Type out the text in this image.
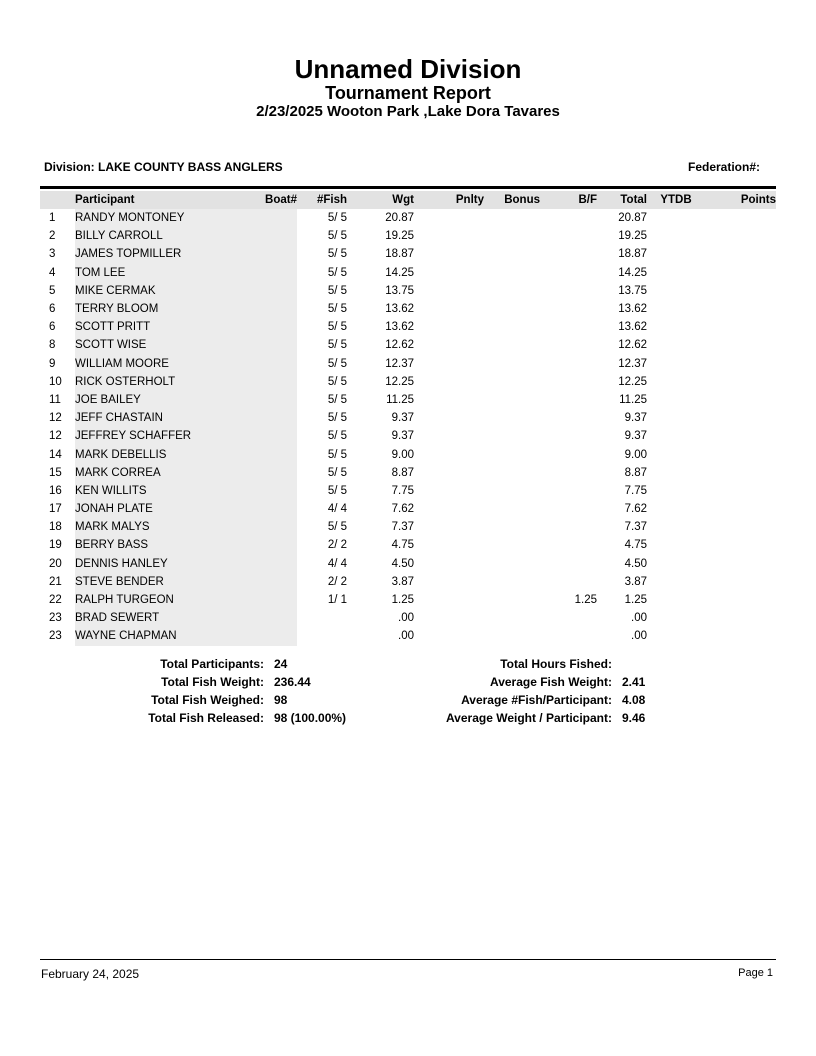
Unnamed Division
Tournament Report
2/23/2025 Wooton Park ,Lake Dora Tavares
Division: LAKE COUNTY BASS ANGLERS	Federation#:
	Participant	Boat#	#Fish	Wgt	Pnlty	Bonus	B/F	Total	YTDB	Points
1	RANDY MONTONEY		5/ 5	20.87				20.87		
2	BILLY CARROLL		5/ 5	19.25				19.25		
3	JAMES TOPMILLER		5/ 5	18.87				18.87		
4	TOM LEE		5/ 5	14.25				14.25		
5	MIKE CERMAK		5/ 5	13.75				13.75		
6	TERRY BLOOM		5/ 5	13.62				13.62		
6	SCOTT PRITT		5/ 5	13.62				13.62		
8	SCOTT WISE		5/ 5	12.62				12.62		
9	WILLIAM MOORE		5/ 5	12.37				12.37		
10	RICK OSTERHOLT		5/ 5	12.25				12.25		
11	JOE BAILEY		5/ 5	11.25				11.25		
12	JEFF CHASTAIN		5/ 5	9.37				9.37		
12	JEFFREY SCHAFFER		5/ 5	9.37				9.37		
14	MARK DEBELLIS		5/ 5	9.00				9.00		
15	MARK CORREA		5/ 5	8.87				8.87		
16	KEN WILLITS		5/ 5	7.75				7.75		
17	JONAH PLATE		4/ 4	7.62				7.62		
18	MARK MALYS		5/ 5	7.37				7.37		
19	BERRY BASS		2/ 2	4.75				4.75		
20	DENNIS HANLEY		4/ 4	4.50				4.50		
21	STEVE BENDER		2/ 2	3.87				3.87		
22	RALPH TURGEON		1/ 1	1.25			1.25	1.25		
23	BRAD SEWERT			.00				.00		
23	WAYNE CHAPMAN			.00				.00		
Total Participants: 24	Total Hours Fished:
Total Fish Weight: 236.44	Average Fish Weight: 2.41
Total Fish Weighed: 98	Average #Fish/Participant: 4.08
Total Fish Released: 98 (100.00%)	Average Weight / Participant: 9.46
February 24, 2025	Page 1
